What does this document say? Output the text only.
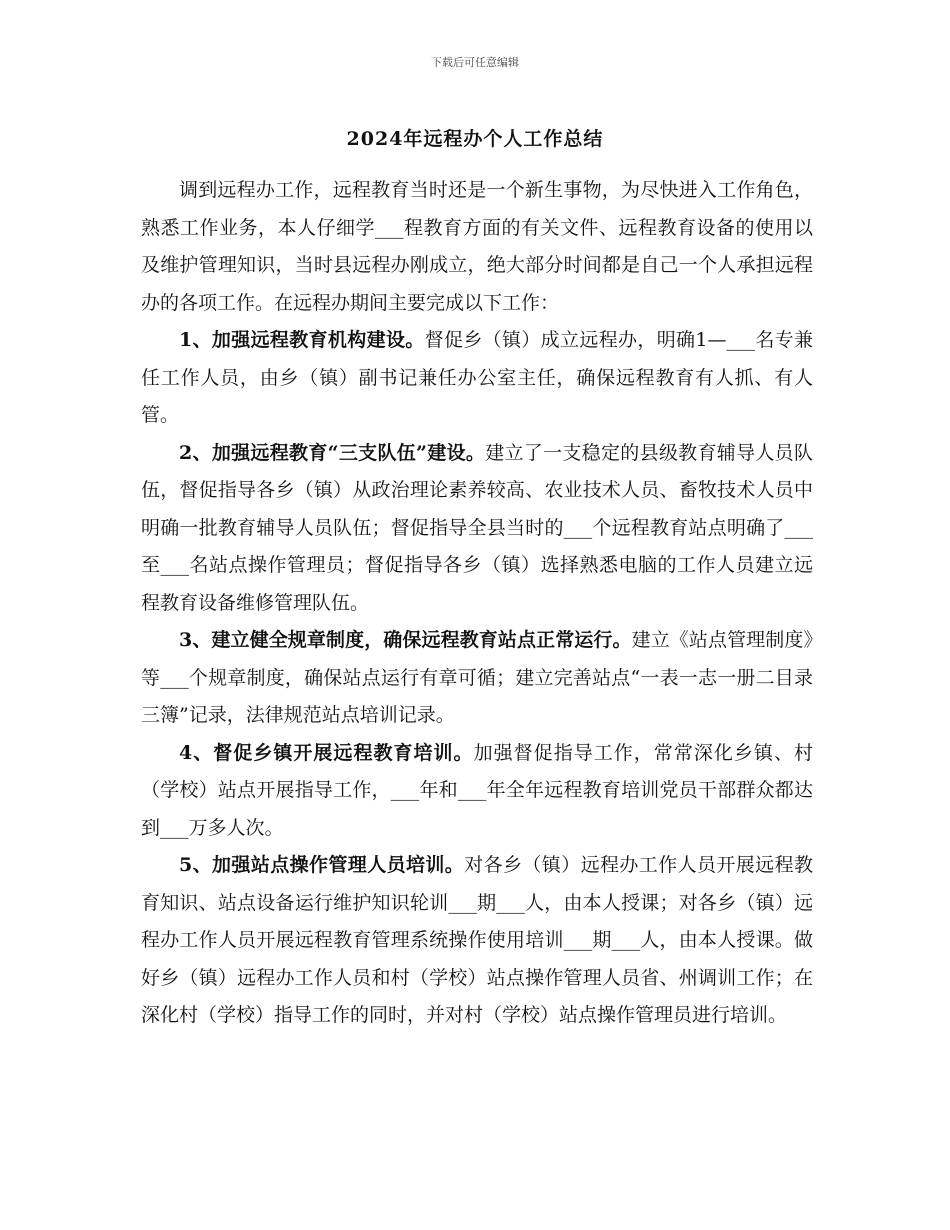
下载后可任意编辑
2024年远程办个人工作总结

调到远程办工作，远程教育当时还是一个新生事物，为尽快进入工作角色，熟悉工作业务，本人仔细学___程教育方面的有关文件、远程教育设备的使用以及维护管理知识，当时县远程办刚成立，绝大部分时间都是自己一个人承担远程办的各项工作。在远程办期间主要完成以下工作：

1、加强远程教育机构建设。督促乡（镇）成立远程办，明确1—___名专兼任工作人员，由乡（镇）副书记兼任办公室主任，确保远程教育有人抓、有人管。

2、加强远程教育“三支队伍”建设。建立了一支稳定的县级教育辅导人员队伍，督促指导各乡（镇）从政治理论素养较高、农业技术人员、畜牧技术人员中明确一批教育辅导人员队伍；督促指导全县当时的___个远程教育站点明确了___至___名站点操作管理员；督促指导各乡（镇）选择熟悉电脑的工作人员建立远程教育设备维修管理队伍。

3、建立健全规章制度，确保远程教育站点正常运行。建立《站点管理制度》等___个规章制度，确保站点运行有章可循；建立完善站点“一表一志一册二目录三簿”记录，法律规范站点培训记录。

4、督促乡镇开展远程教育培训。加强督促指导工作，常常深化乡镇、村（学校）站点开展指导工作，___年和___年全年远程教育培训党员干部群众都达到___万多人次。

5、加强站点操作管理人员培训。对各乡（镇）远程办工作人员开展远程教育知识、站点设备运行维护知识轮训___期___人，由本人授课；对各乡（镇）远程办工作人员开展远程教育管理系统操作使用培训___期___人，由本人授课。做好乡（镇）远程办工作人员和村（学校）站点操作管理人员省、州调训工作；在深化村（学校）指导工作的同时，并对村（学校）站点操作管理员进行培训。
